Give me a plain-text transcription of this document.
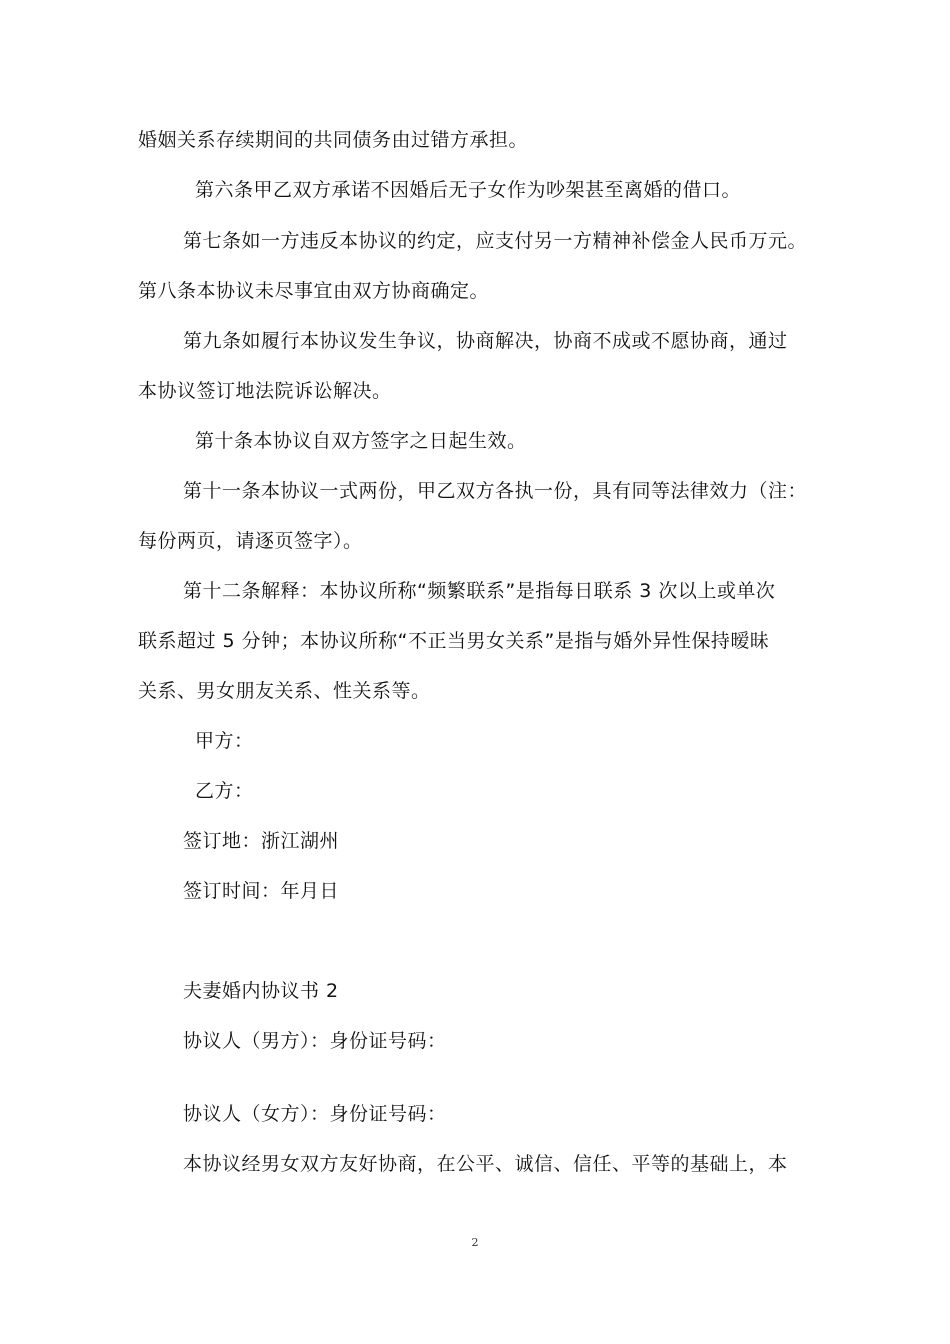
婚姻关系存续期间的共同债务由过错方承担。
第六条甲乙双方承诺不因婚后无子女作为吵架甚至离婚的借口。
第七条如一方违反本协议的约定，应支付另一方精神补偿金人民币万元。
第八条本协议未尽事宜由双方协商确定。
第九条如履行本协议发生争议，协商解决，协商不成或不愿协商，通过
本协议签订地法院诉讼解决。
第十条本协议自双方签字之日起生效。
第十一条本协议一式两份，甲乙双方各执一份，具有同等法律效力（注：
每份两页，请逐页签字）。
第十二条解释：本协议所称“频繁联系”是指每日联系 3 次以上或单次
联系超过 5 分钟；本协议所称“不正当男女关系”是指与婚外异性保持暧昧
关系、男女朋友关系、性关系等。
甲方：
乙方：
签订地：浙江湖州
签订时间：年月日
夫妻婚内协议书 2
协议人（男方）：身份证号码：
协议人（女方）：身份证号码：
本协议经男女双方友好协商，在公平、诚信、信任、平等的基础上，本
2
